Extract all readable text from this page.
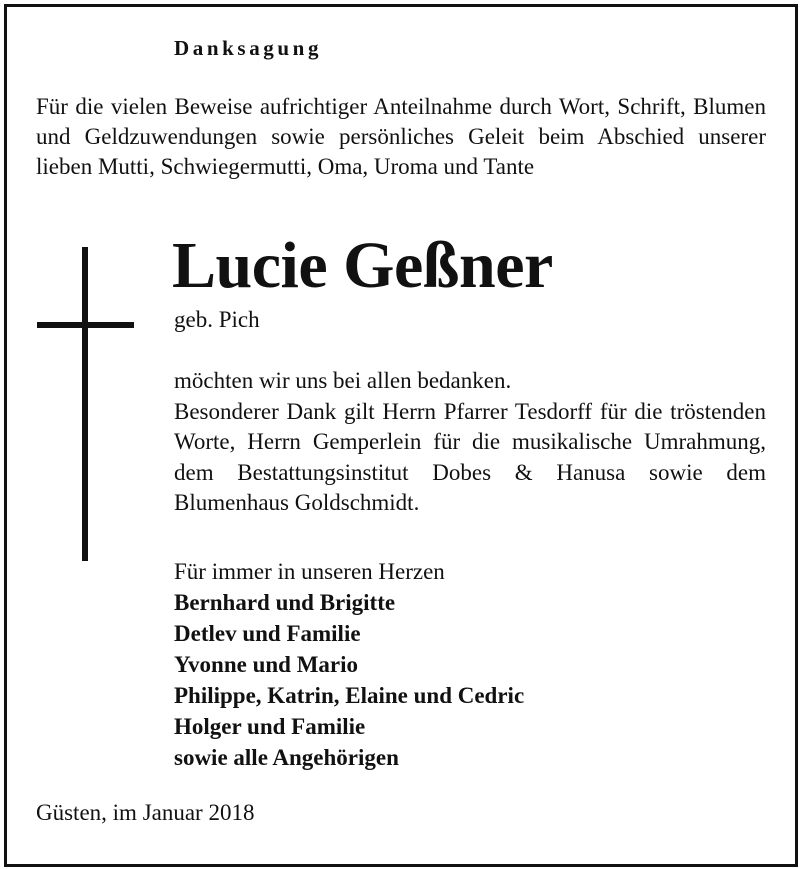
Danksagung

Für die vielen Beweise aufrichtiger Anteilnahme durch Wort, Schrift, Blumen und Geldzuwendungen sowie persönliches Geleit beim Abschied unserer lieben Mutti, Schwiegermutti, Oma, Uroma und Tante

Lucie Geßner

geb. Pich

möchten wir uns bei allen bedanken.

Besonderer Dank gilt Herrn Pfarrer Tesdorff für die tröstenden Worte, Herrn Gemperlein für die musikalische Umrahmung, dem Bestattungsinstitut Dobes & Hanusa sowie dem Blumenhaus Goldschmidt.

Für immer in unseren Herzen

Bernhard und Brigitte
Detlev und Familie
Yvonne und Mario
Philippe, Katrin, Elaine und Cedric
Holger und Familie
sowie alle Angehörigen

Güsten, im Januar 2018
